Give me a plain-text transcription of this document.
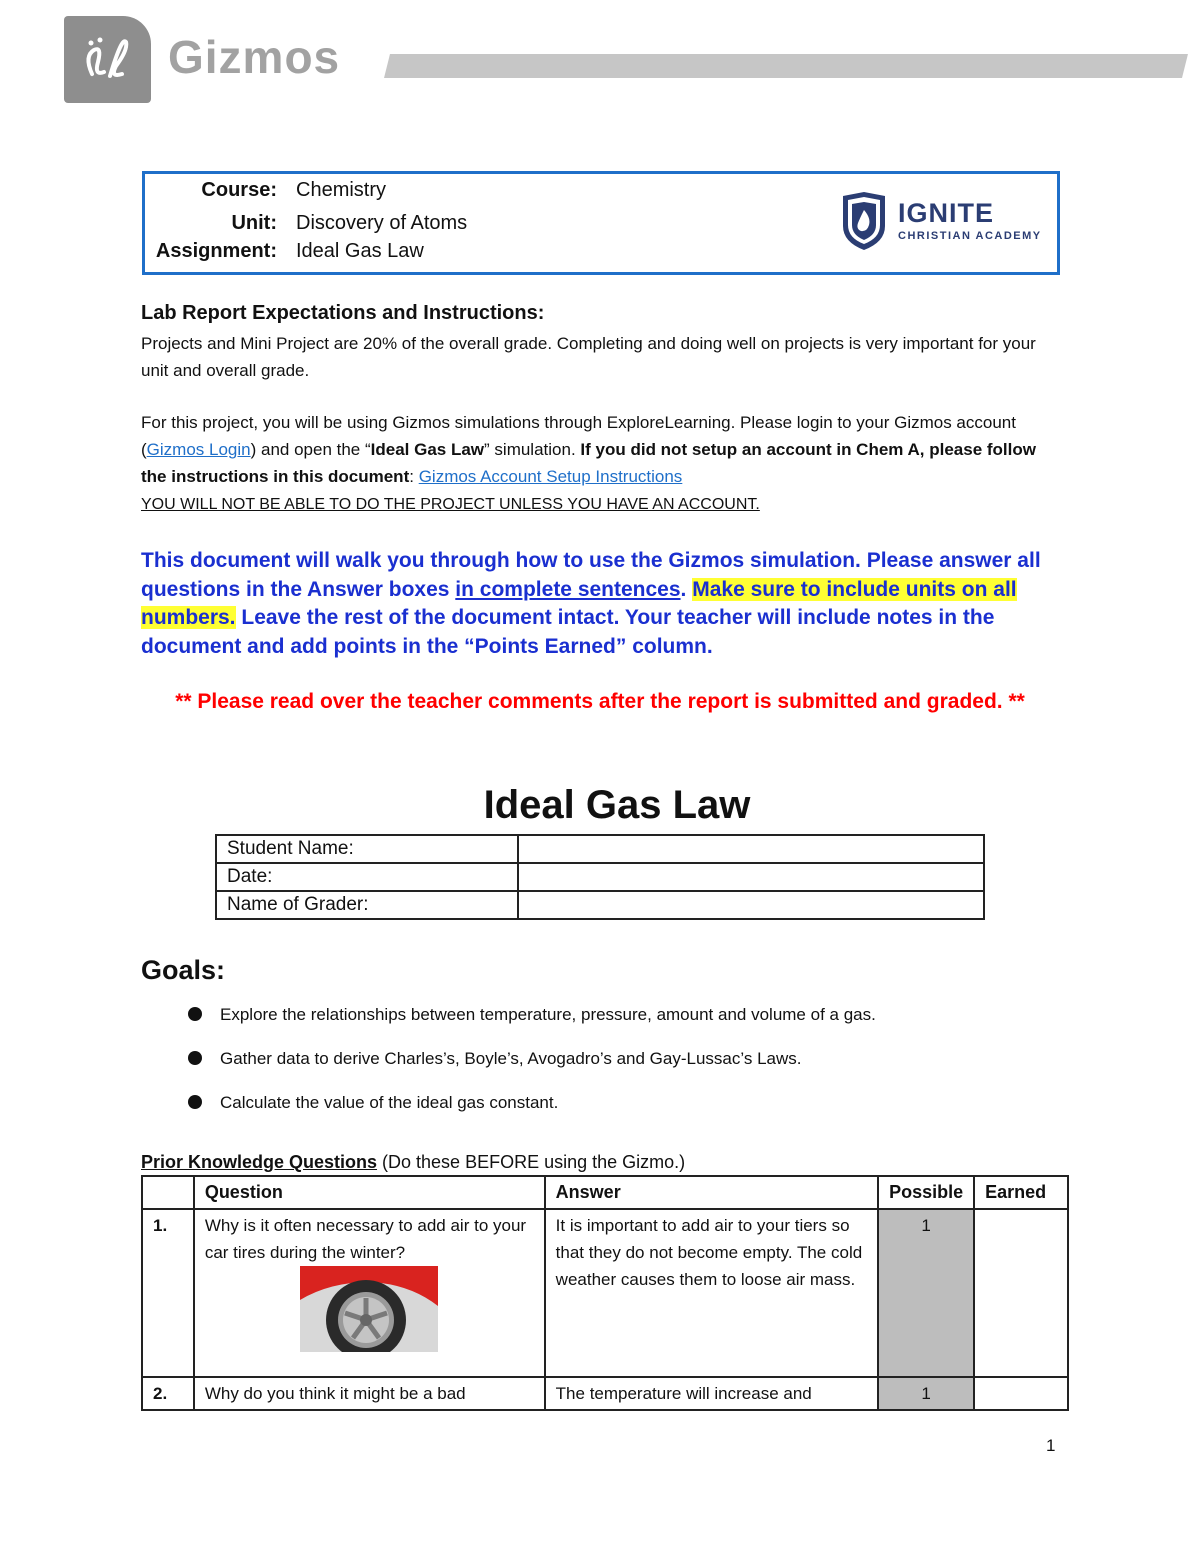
Gizmos
Course: Chemistry
Unit: Discovery of Atoms
Assignment: Ideal Gas Law
IGNITE
CHRISTIAN ACADEMY
Lab Report Expectations and Instructions:
Projects and Mini Project are 20% of the overall grade. Completing and doing well on projects is very important for your unit and overall grade.
For this project, you will be using Gizmos simulations through ExploreLearning. Please login to your Gizmos account (Gizmos Login) and open the “Ideal Gas Law” simulation. If you did not setup an account in Chem A, please follow the instructions in this document: Gizmos Account Setup Instructions
YOU WILL NOT BE ABLE TO DO THE PROJECT UNLESS YOU HAVE AN ACCOUNT.
This document will walk you through how to use the Gizmos simulation. Please answer all questions in the Answer boxes in complete sentences. Make sure to include units on all numbers. Leave the rest of the document intact. Your teacher will include notes in the document and add points in the “Points Earned” column.
** Please read over the teacher comments after the report is submitted and graded. **
Ideal Gas Law
Student Name:	
Date:	
Name of Grader:	
Goals:
Explore the relationships between temperature, pressure, amount and volume of a gas.
Gather data to derive Charles’s, Boyle’s, Avogadro’s and Gay-Lussac’s Laws.
Calculate the value of the ideal gas constant.
Prior Knowledge Questions (Do these BEFORE using the Gizmo.)
	Question	Answer	Possible	Earned
1.	Why is it often necessary to add air to your car tires during the winter?	It is important to add air to your tiers so that they do not become empty. The cold weather causes them to loose air mass.	1	
2.	Why do you think it might be a bad	The temperature will increase and	1	
1
